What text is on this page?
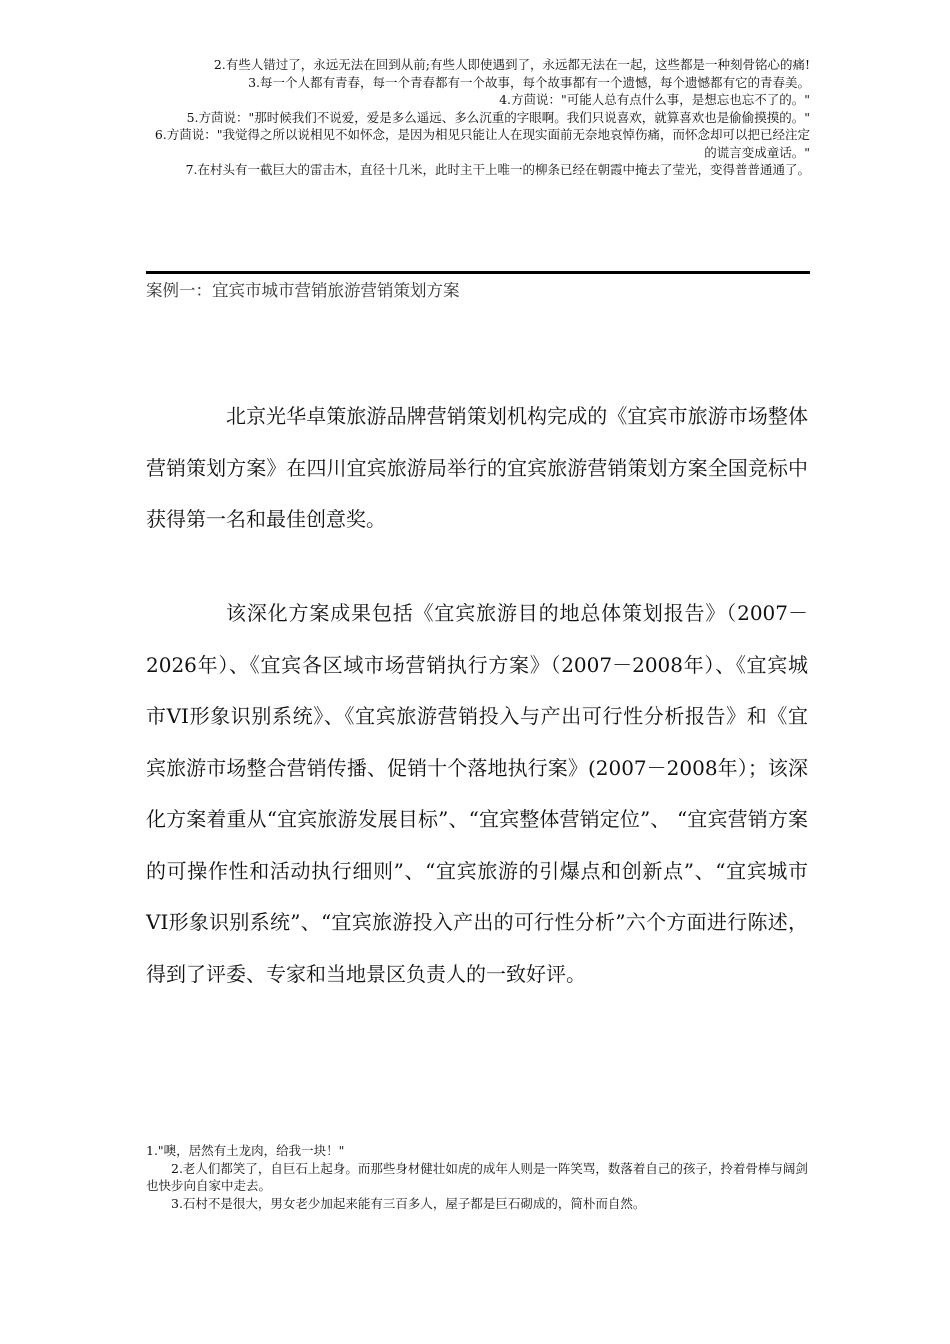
2.有些人错过了，永远无法在回到从前;有些人即使遇到了，永远都无法在一起，这些都是一种刻骨铭心的痛!

3.每一个人都有青春，每一个青春都有一个故事，每个故事都有一个遗憾，每个遗憾都有它的青春美。

4.方茴说："可能人总有点什么事，是想忘也忘不了的。"

5.方茴说："那时候我们不说爱，爱是多么遥远、多么沉重的字眼啊。我们只说喜欢，就算喜欢也是偷偷摸摸的。"

6.方茴说："我觉得之所以说相见不如怀念，是因为相见只能让人在现实面前无奈地哀悼伤痛，而怀念却可以把已经注定的谎言变成童话。"

7.在村头有一截巨大的雷击木，直径十几米，此时主干上唯一的柳条已经在朝霞中掩去了莹光，变得普普通通了。

案例一：宜宾市城市营销旅游营销策划方案

北京光华卓策旅游品牌营销策划机构完成的《宜宾市旅游市场整体营销策划方案》在四川宜宾旅游局举行的宜宾旅游营销策划方案全国竞标中获得第一名和最佳创意奖。

该深化方案成果包括《宜宾旅游目的地总体策划报告》（2007－2026年）、《宜宾各区域市场营销执行方案》（2007－2008年）、《宜宾城市VI形象识别系统》、《宜宾旅游营销投入与产出可行性分析报告》和《宜宾旅游市场整合营销传播、促销十个落地执行案》(2007－2008年）；该深化方案着重从“宜宾旅游发展目标”、“宜宾整体营销定位”、 “宜宾营销方案的可操作性和活动执行细则”、“宜宾旅游的引爆点和创新点”、“宜宾城市VI形象识别系统”、“宜宾旅游投入产出的可行性分析”六个方面进行陈述，得到了评委、专家和当地景区负责人的一致好评。

1."噢，居然有土龙肉，给我一块！"

2.老人们都笑了，自巨石上起身。而那些身材健壮如虎的成年人则是一阵笑骂，数落着自己的孩子，拎着骨棒与阔剑也快步向自家中走去。

3.石村不是很大，男女老少加起来能有三百多人，屋子都是巨石砌成的，简朴而自然。
